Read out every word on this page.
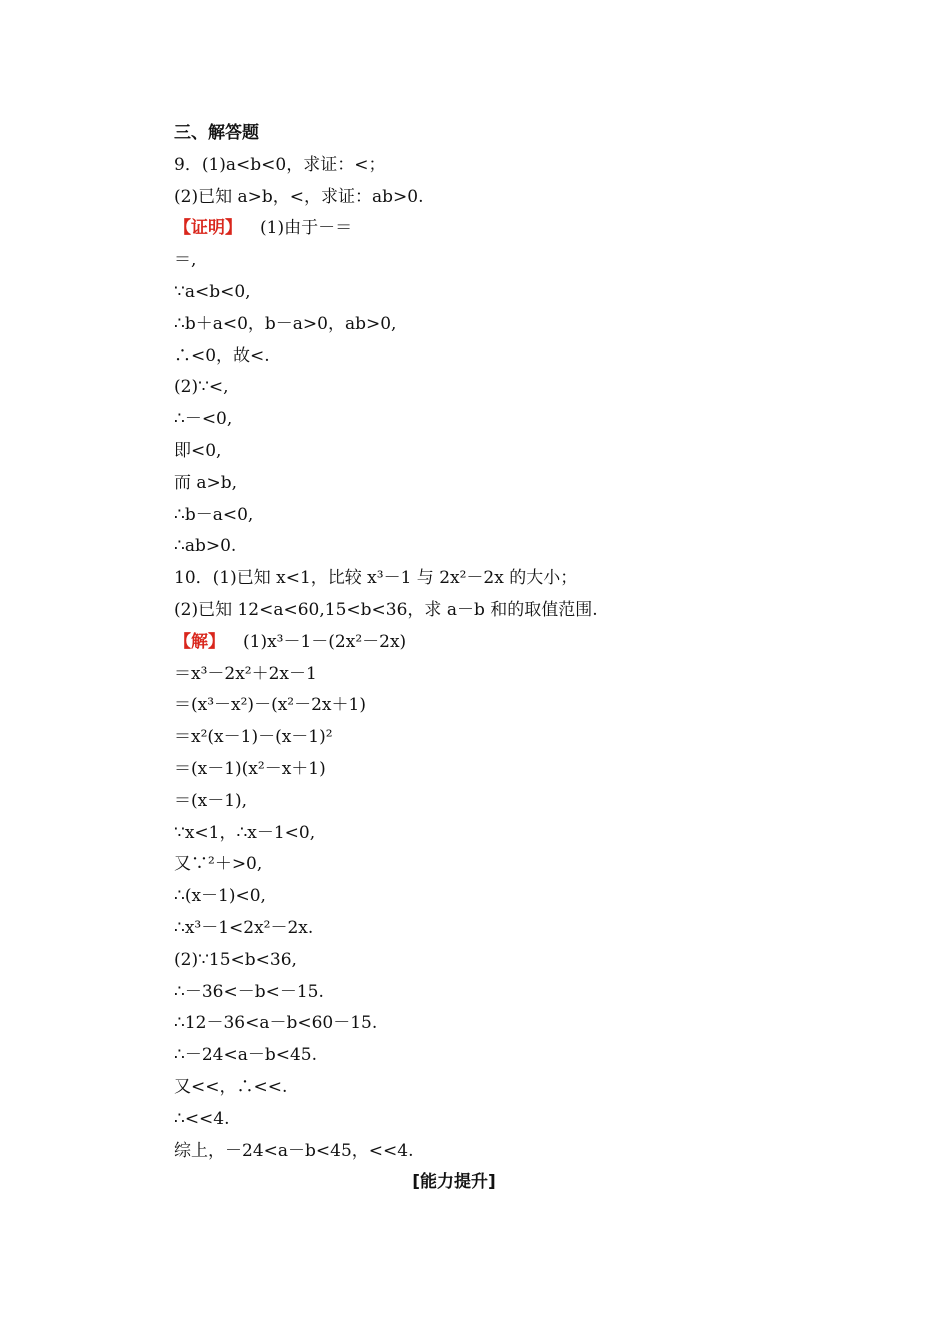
三、解答题
9．(1)a<b<0，求证：<；
(2)已知 a>b，<，求证：ab>0.
【证明】 (1)由于－＝
＝,
∵a<b<0,
∴b＋a<0，b－a>0，ab>0,
∴<0，故<.
(2)∵<,
∴－<0,
即<0,
而 a>b,
∴b－a<0,
∴ab>0.
10．(1)已知 x<1，比较 x³－1 与 2x²－2x 的大小；
(2)已知 12<a<60,15<b<36，求 a－b 和的取值范围.
【解】 (1)x³－1－(2x²－2x)
＝x³－2x²＋2x－1
＝(x³－x²)－(x²－2x＋1)
＝x²(x－1)－(x－1)²
＝(x－1)(x²－x＋1)
＝(x－1),
∵x<1，∴x－1<0,
又∵²＋>0,
∴(x－1)<0,
∴x³－1<2x²－2x.
(2)∵15<b<36,
∴－36<－b<－15.
∴12－36<a－b<60－15.
∴－24<a－b<45.
又<<，∴<<.
∴<<4.
综上，－24<a－b<45，<<4.
[能力提升]
